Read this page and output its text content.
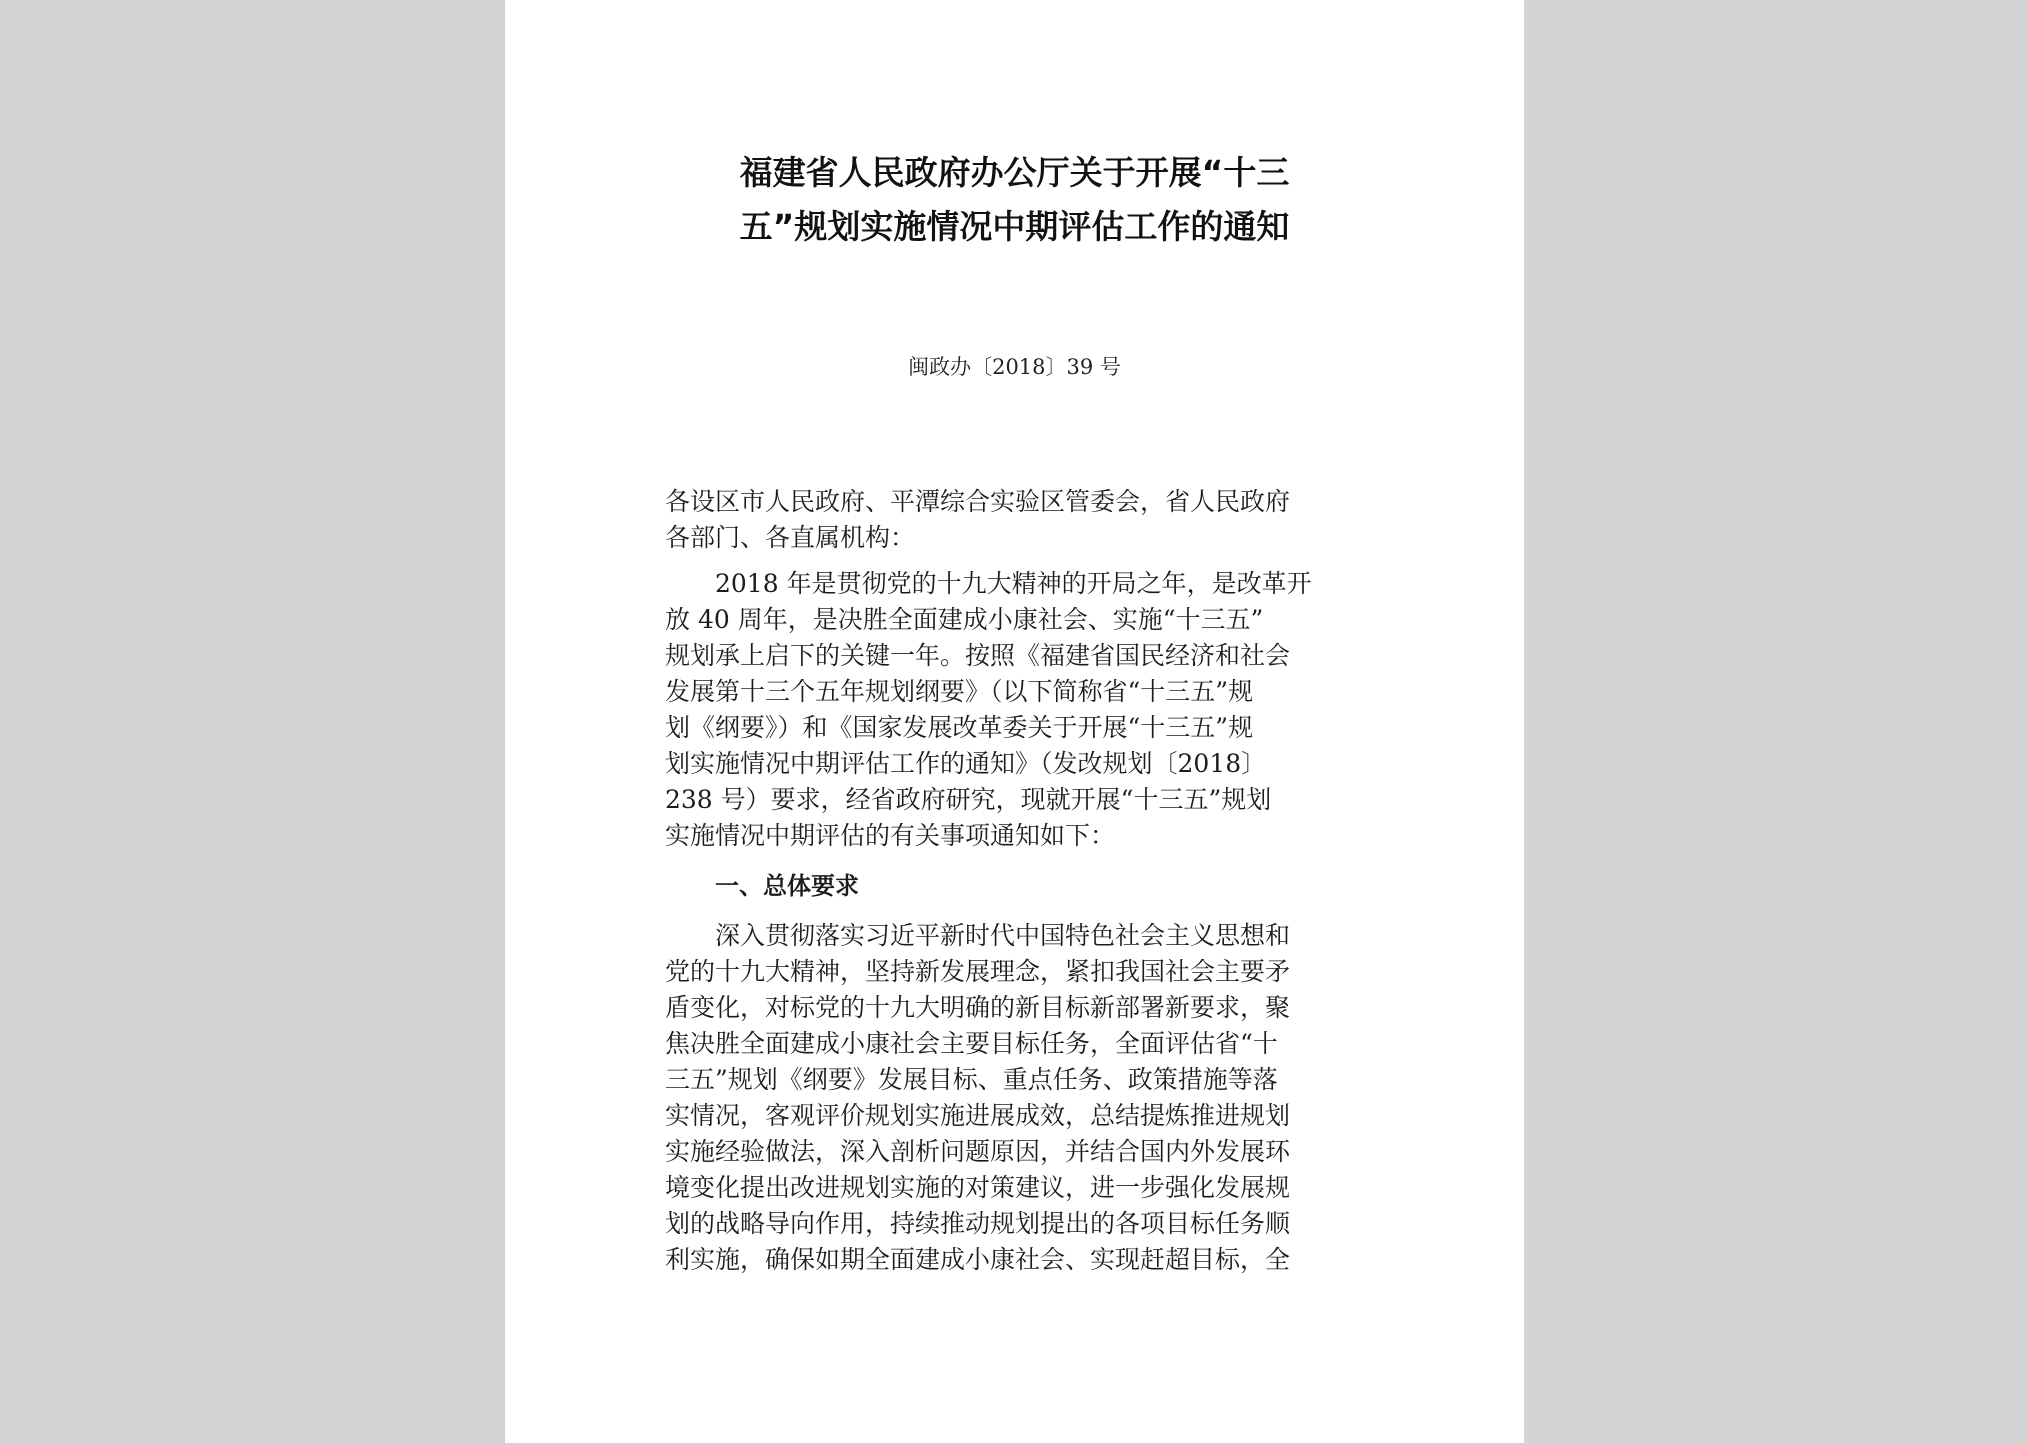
福建省人民政府办公厅关于开展“十三
五”规划实施情况中期评估工作的通知
闽政办〔2018〕39 号
各设区市人民政府、平潭综合实验区管委会，省人民政府
各部门、各直属机构：
2018 年是贯彻党的十九大精神的开局之年，是改革开
放 40 周年，是决胜全面建成小康社会、实施“十三五”
规划承上启下的关键一年。按照《福建省国民经济和社会
发展第十三个五年规划纲要》（以下简称省“十三五”规
划《纲要》）和《国家发展改革委关于开展“十三五”规
划实施情况中期评估工作的通知》（发改规划〔2018〕
238 号）要求，经省政府研究，现就开展“十三五”规划
实施情况中期评估的有关事项通知如下：
一、总体要求
深入贯彻落实习近平新时代中国特色社会主义思想和
党的十九大精神，坚持新发展理念，紧扣我国社会主要矛
盾变化，对标党的十九大明确的新目标新部署新要求，聚
焦决胜全面建成小康社会主要目标任务，全面评估省“十
三五”规划《纲要》发展目标、重点任务、政策措施等落
实情况，客观评价规划实施进展成效，总结提炼推进规划
实施经验做法，深入剖析问题原因，并结合国内外发展环
境变化提出改进规划实施的对策建议，进一步强化发展规
划的战略导向作用，持续推动规划提出的各项目标任务顺
利实施，确保如期全面建成小康社会、实现赶超目标，全
